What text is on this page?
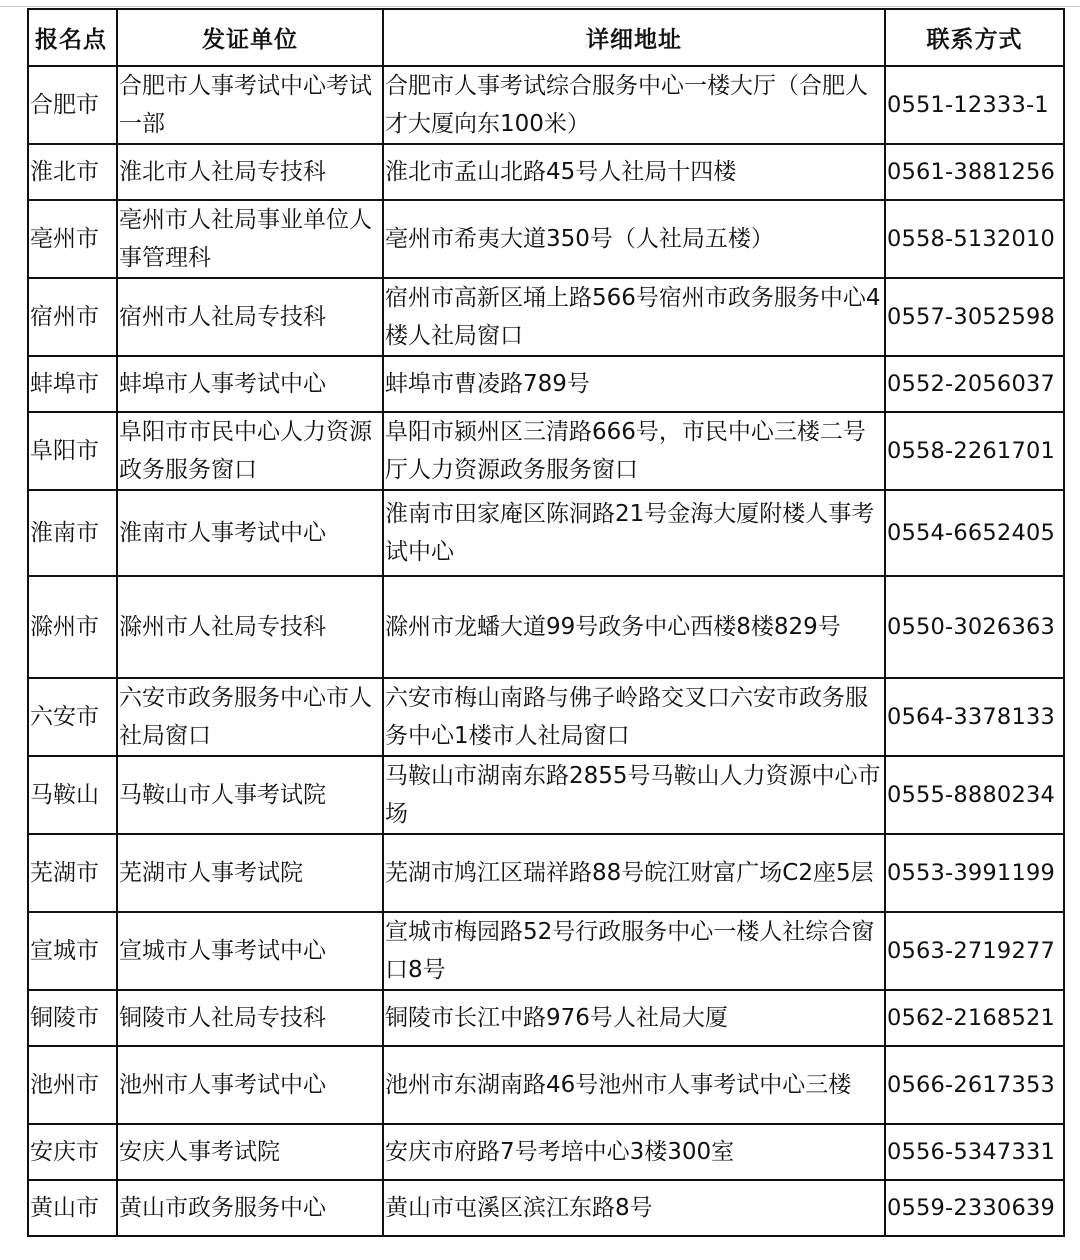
报名点	发证单位	详细地址	联系方式
合肥市	合肥市人事考试中心考试一部	合肥市人事考试综合服务中心一楼大厅（合肥人才大厦向东100米）	0551-12333-1
淮北市	淮北市人社局专技科	淮北市孟山北路45号人社局十四楼	0561-3881256
亳州市	亳州市人社局事业单位人事管理科	亳州市希夷大道350号（人社局五楼）	0558-5132010
宿州市	宿州市人社局专技科	宿州市高新区埇上路566号宿州市政务服务中心4楼人社局窗口	0557-3052598
蚌埠市	蚌埠市人事考试中心	蚌埠市曹凌路789号	0552-2056037
阜阳市	阜阳市市民中心人力资源政务服务窗口	阜阳市颍州区三清路666号，市民中心三楼二号厅人力资源政务服务窗口	0558-2261701
淮南市	淮南市人事考试中心	淮南市田家庵区陈洞路21号金海大厦附楼人事考试中心	0554-6652405
滁州市	滁州市人社局专技科	滁州市龙蟠大道99号政务中心西楼8楼829号	0550-3026363
六安市	六安市政务服务中心市人社局窗口	六安市梅山南路与佛子岭路交叉口六安市政务服务中心1楼市人社局窗口	0564-3378133
马鞍山	马鞍山市人事考试院	马鞍山市湖南东路2855号马鞍山人力资源中心市场	0555-8880234
芜湖市	芜湖市人事考试院	芜湖市鸠江区瑞祥路88号皖江财富广场C2座5层	0553-3991199
宣城市	宣城市人事考试中心	宣城市梅园路52号行政服务中心一楼人社综合窗口8号	0563-2719277
铜陵市	铜陵市人社局专技科	铜陵市长江中路976号人社局大厦	0562-2168521
池州市	池州市人事考试中心	池州市东湖南路46号池州市人事考试中心三楼	0566-2617353
安庆市	安庆人事考试院	安庆市府路7号考培中心3楼300室	0556-5347331
黄山市	黄山市政务服务中心	黄山市屯溪区滨江东路8号	0559-2330639
